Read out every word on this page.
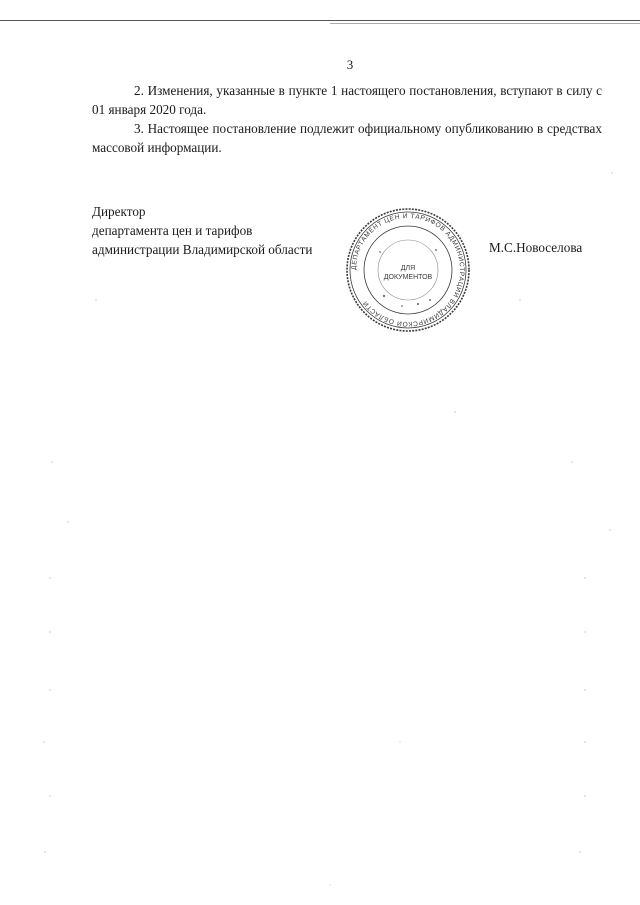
3

2. Изменения, указанные в пункте 1 настоящего постановления, вступают в силу с 01 января 2020 года.

3. Настоящее постановление подлежит официальному опубликованию в средствах массовой информации.

Директор
департамента цен и тарифов
администрации Владимирской области	М.С.Новоселова
ДЕПАРТАМЕНТ ЦЕН И ТАРИФОВ АДМИНИСТРАЦИИ ВЛАДИМИРСКОЙ ОБЛАСТИ
ДЛЯ
ДОКУМЕНТОВ
